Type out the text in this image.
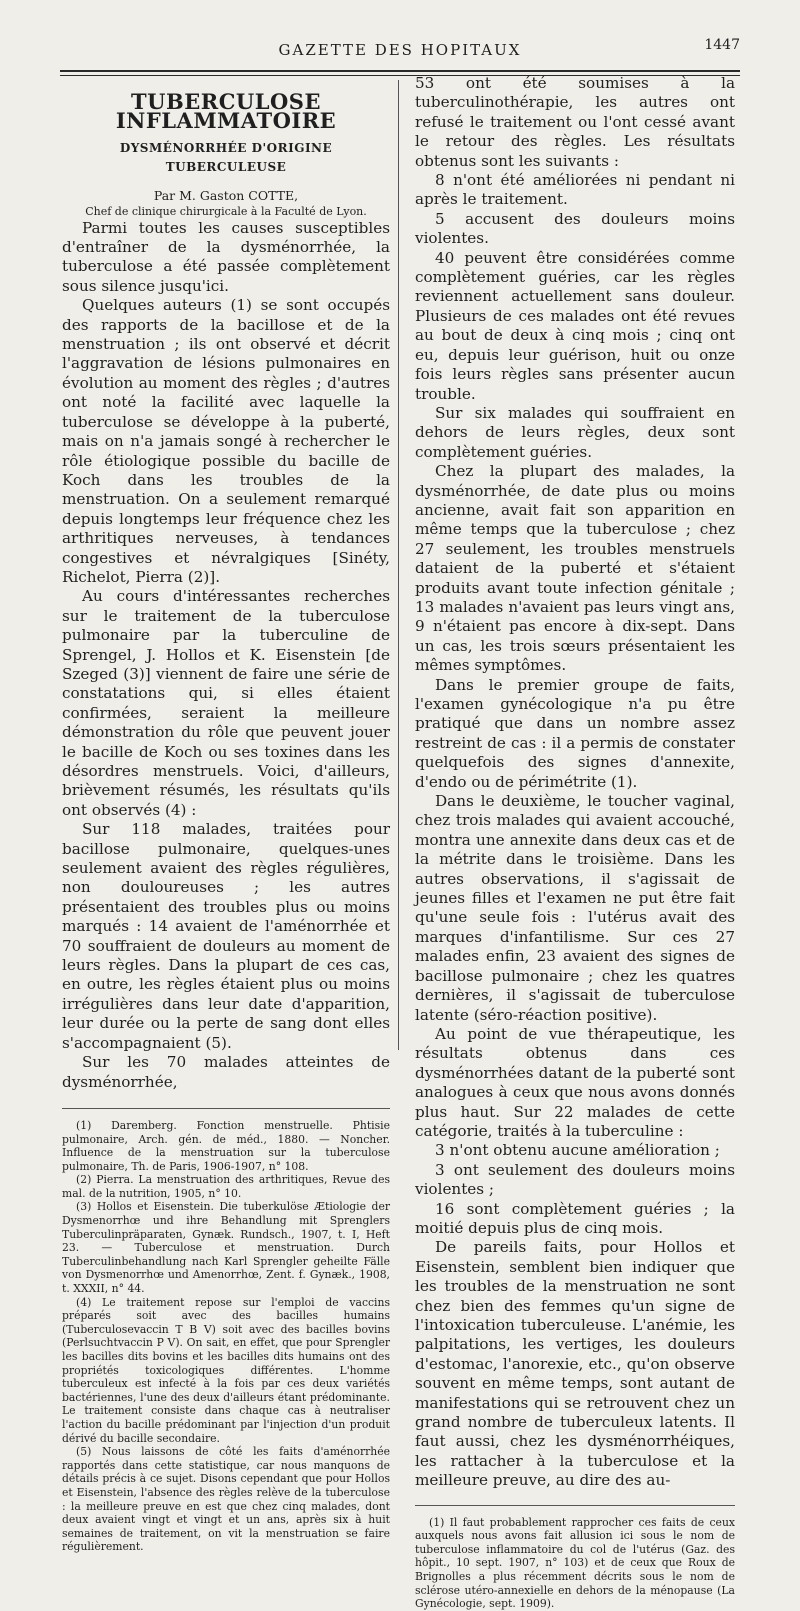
GAZETTE DES HOPITAUX	1447
TUBERCULOSE INFLAMMATOIRE
DYSMÉNORRHÉE D'ORIGINE TUBERCULEUSE

Par M. Gaston COTTE,

Chef de clinique chirurgicale à la Faculté de Lyon.

Parmi toutes les causes susceptibles d'entraîner de la dysménorrhée, la tuberculose a été passée complètement sous silence jusqu'ici.

Quelques auteurs (1) se sont occupés des rapports de la bacillose et de la menstruation ; ils ont observé et décrit l'aggravation de lésions pulmonaires en évolution au moment des règles ; d'autres ont noté la facilité avec laquelle la tuberculose se développe à la puberté, mais on n'a jamais songé à rechercher le rôle étiologique possible du bacille de Koch dans les troubles de la menstruation. On a seulement remarqué depuis longtemps leur fréquence chez les arthritiques nerveuses, à tendances congestives et névralgiques [Sinéty, Richelot, Pierra (2)].

Au cours d'intéressantes recherches sur le traitement de la tuberculose pulmonaire par la tuberculine de Sprengel, J. Hollos et K. Eisenstein [de Szeged (3)] viennent de faire une série de constatations qui, si elles étaient confirmées, seraient la meilleure démonstration du rôle que peuvent jouer le bacille de Koch ou ses toxines dans les désordres menstruels. Voici, d'ailleurs, brièvement résumés, les résultats qu'ils ont observés (4) :

Sur 118 malades, traitées pour bacillose pulmonaire, quelques-unes seulement avaient des règles régulières, non douloureuses ; les autres présentaient des troubles plus ou moins marqués : 14 avaient de l'aménorrhée et 70 souffraient de douleurs au moment de leurs règles. Dans la plupart de ces cas, en outre, les règles étaient plus ou moins irrégulières dans leur date d'apparition, leur durée ou la perte de sang dont elles s'accompagnaient (5).

Sur les 70 malades atteintes de dysménorrhée,

(1) Daremberg. Fonction menstruelle. Phtisie pulmonaire, Arch. gén. de méd., 1880. — Noncher. Influence de la menstruation sur la tuberculose pulmonaire, Th. de Paris, 1906-1907, n° 108.

(2) Pierra. La menstruation des arthritiques, Revue des mal. de la nutrition, 1905, n° 10.

(3) Hollos et Eisenstein. Die tuberkulöse Ætiologie der Dysmenorrhœ und ihre Behandlung mit Sprenglers Tuberculinpräparaten, Gynæk. Rundsch., 1907, t. I, Heft 23. — Tuberculose et menstruation. Durch Tuberculinbehandlung nach Karl Sprengler geheilte Fälle von Dysmenorrhœ und Amenorrhœ, Zent. f. Gynæk., 1908, t. XXXII, n° 44.

(4) Le traitement repose sur l'emploi de vaccins préparés soit avec des bacilles humains (Tuberculosevaccin T B V) soit avec des bacilles bovins (Perlsuchtvaccin P V). On sait, en effet, que pour Sprengler les bacilles dits bovins et les bacilles dits humains ont des propriétés toxicologiques différentes. L'homme tuberculeux est infecté à la fois par ces deux variétés bactériennes, l'une des deux d'ailleurs étant prédominante. Le traitement consiste dans chaque cas à neutraliser l'action du bacille prédominant par l'injection d'un produit dérivé du bacille secondaire.

(5) Nous laissons de côté les faits d'aménorrhée rapportés dans cette statistique, car nous manquons de détails précis à ce sujet. Disons cependant que pour Hollos et Eisenstein, l'absence des règles relève de la tuberculose : la meilleure preuve en est que chez cinq malades, dont deux avaient vingt et vingt et un ans, après six à huit semaines de traitement, on vit la menstruation se faire régulièrement.

53 ont été soumises à la tuberculinothérapie, les autres ont refusé le traitement ou l'ont cessé avant le retour des règles. Les résultats obtenus sont les suivants :

8 n'ont été améliorées ni pendant ni après le traitement.

5 accusent des douleurs moins violentes.

40 peuvent être considérées comme complètement guéries, car les règles reviennent actuellement sans douleur. Plusieurs de ces malades ont été revues au bout de deux à cinq mois ; cinq ont eu, depuis leur guérison, huit ou onze fois leurs règles sans présenter aucun trouble.

Sur six malades qui souffraient en dehors de leurs règles, deux sont complètement guéries.

Chez la plupart des malades, la dysménorrhée, de date plus ou moins ancienne, avait fait son apparition en même temps que la tuberculose ; chez 27 seulement, les troubles menstruels dataient de la puberté et s'étaient produits avant toute infection génitale ; 13 malades n'avaient pas leurs vingt ans, 9 n'étaient pas encore à dix-sept. Dans un cas, les trois sœurs présentaient les mêmes symptômes.

Dans le premier groupe de faits, l'examen gynécologique n'a pu être pratiqué que dans un nombre assez restreint de cas : il a permis de constater quelquefois des signes d'annexite, d'endo ou de périmétrite (1).

Dans le deuxième, le toucher vaginal, chez trois malades qui avaient accouché, montra une annexite dans deux cas et de la métrite dans le troisième. Dans les autres observations, il s'agissait de jeunes filles et l'examen ne put être fait qu'une seule fois : l'utérus avait des marques d'infantilisme. Sur ces 27 malades enfin, 23 avaient des signes de bacillose pulmonaire ; chez les quatres dernières, il s'agissait de tuberculose latente (séro-réaction positive).

Au point de vue thérapeutique, les résultats obtenus dans ces dysménorrhées datant de la puberté sont analogues à ceux que nous avons donnés plus haut. Sur 22 malades de cette catégorie, traités à la tuberculine :

3 n'ont obtenu aucune amélioration ;

3 ont seulement des douleurs moins violentes ;

16 sont complètement guéries ; la moitié depuis plus de cinq mois.

De pareils faits, pour Hollos et Eisenstein, semblent bien indiquer que les troubles de la menstruation ne sont chez bien des femmes qu'un signe de l'intoxication tuberculeuse. L'anémie, les palpitations, les vertiges, les douleurs d'estomac, l'anorexie, etc., qu'on observe souvent en même temps, sont autant de manifestations qui se retrouvent chez un grand nombre de tuberculeux latents. Il faut aussi, chez les dysménorrhéiques, les rattacher à la tuberculose et la meilleure preuve, au dire des au-

(1) Il faut probablement rapprocher ces faits de ceux auxquels nous avons fait allusion ici sous le nom de tuberculose inflammatoire du col de l'utérus (Gaz. des hôpit., 10 sept. 1907, n° 103) et de ceux que Roux de Brignolles a plus récemment décrits sous le nom de sclérose utéro-annexielle en dehors de la ménopause (La Gynécologie, sept. 1909).
